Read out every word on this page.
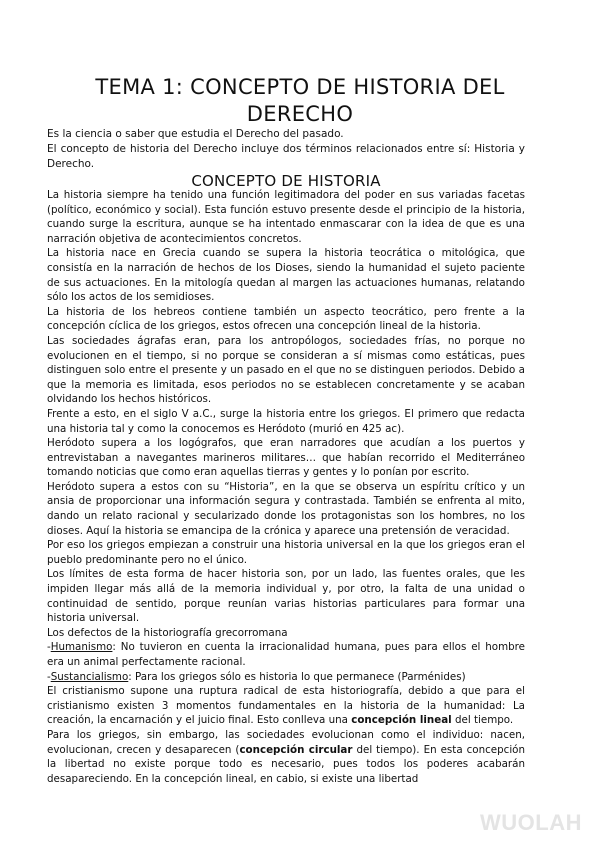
TEMA 1: CONCEPTO DE HISTORIA DEL DERECHO

Es la ciencia o saber que estudia el Derecho del pasado.

El concepto de historia del Derecho incluye dos términos relacionados entre sí: Historia y Derecho.

CONCEPTO DE HISTORIA

La historia siempre ha tenido una función legitimadora del poder en sus variadas facetas (político, económico y social). Esta función estuvo presente desde el principio de la historia, cuando surge la escritura, aunque se ha intentado enmascarar con la idea de que es una narración objetiva de acontecimientos concretos.

La historia nace en Grecia cuando se supera la historia teocrática o mitológica, que consistía en la narración de hechos de los Dioses, siendo la humanidad el sujeto paciente de sus actuaciones. En la mitología quedan al margen las actuaciones humanas, relatando sólo los actos de los semidioses.

La historia de los hebreos contiene también un aspecto teocrático, pero frente a la concepción cíclica de los griegos, estos ofrecen una concepción lineal de la historia.

Las sociedades ágrafas eran, para los antropólogos, sociedades frías, no porque no evolucionen en el tiempo, si no porque se consideran a sí mismas como estáticas, pues distinguen solo entre el presente y un pasado en el que no se distinguen periodos. Debido a que la memoria es limitada, esos periodos no se establecen concretamente y se acaban olvidando los hechos históricos.

Frente a esto, en el siglo V a.C., surge la historia entre los griegos. El primero que redacta una historia tal y como la conocemos es Heródoto (murió en 425 ac).

Heródoto supera a los logógrafos, que eran narradores que acudían a los puertos y entrevistaban a navegantes marineros militares… que habían recorrido el Mediterráneo tomando noticias que como eran aquellas tierras y gentes y lo ponían por escrito.

Heródoto supera a estos con su “Historia”, en la que se observa un espíritu crítico y un ansia de proporcionar una información segura y contrastada. También se enfrenta al mito, dando un relato racional y secularizado donde los protagonistas son los hombres, no los dioses. Aquí la historia se emancipa de la crónica y aparece una pretensión de veracidad.

Por eso los griegos empiezan a construir una historia universal en la que los griegos eran el pueblo predominante pero no el único.

Los límites de esta forma de hacer historia son, por un lado, las fuentes orales, que les impiden llegar más allá de la memoria individual y, por otro, la falta de una unidad o continuidad de sentido, porque reunían varias historias particulares para formar una historia universal.

Los defectos de la historiografía grecorromana

-Humanismo: No tuvieron en cuenta la irracionalidad humana, pues para ellos el hombre era un animal perfectamente racional.

-Sustancialismo: Para los griegos sólo es historia lo que permanece (Parménides)

El cristianismo supone una ruptura radical de esta historiografía, debido a que para el cristianismo existen 3 momentos fundamentales en la historia de la humanidad: La creación, la encarnación y el juicio final. Esto conlleva una concepción lineal del tiempo.

Para los griegos, sin embargo, las sociedades evolucionan como el individuo: nacen, evolucionan, crecen y desaparecen (concepción circular del tiempo). En esta concepción la libertad no existe porque todo es necesario, pues todos los poderes acabarán desapareciendo. En la concepción lineal, en cabio, si existe una libertad

WUOLAH
